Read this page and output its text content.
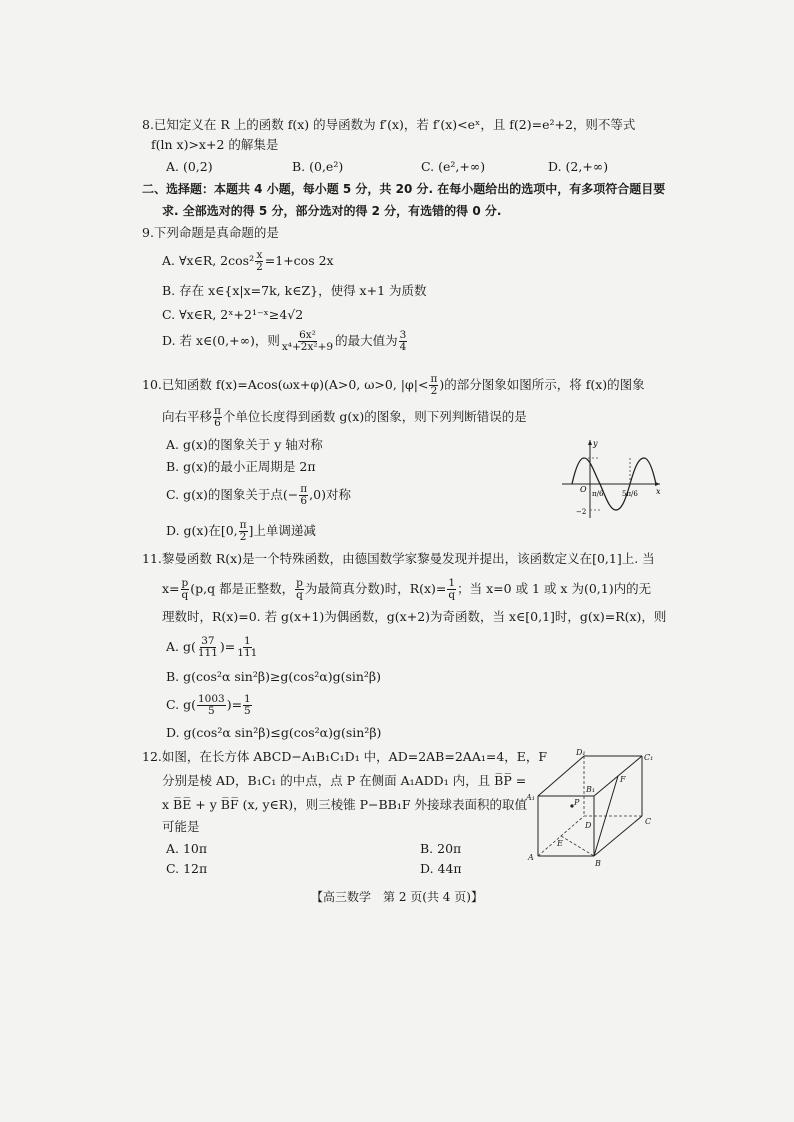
8.已知定义在 R 上的函数 f(x) 的导函数为 f′(x)，若 f′(x)<eˣ，且 f(2)=e²+2，则不等式
f(ln x)>x+2 的解集是
A. (0,2)	B. (0,e²)	C. (e²,+∞)	D. (2,+∞)
二、选择题：本题共 4 小题，每小题 5 分，共 20 分. 在每小题给出的选项中，有多项符合题目要
求. 全部选对的得 5 分，部分选对的得 2 分，有选错的得 0 分.
9.下列命题是真命题的是
A. ∀x∈R, $2\cos^2 \frac{x}{2} =1+\cos$ 2x
B. 存在 x∈{x|x=7k, k∈Z}，使得 x+1 为质数
C. ∀x∈R, 2ˣ+2¹⁻ˣ≥4√2
D. 若 x∈(0,+∞)，则 $\frac{\text{6x²}}{\text{x⁴+2x²+9}}$ 的最大值为 $\frac{3}{4}$
10.已知函数 f(x)=Acos(ωx+φ)(A>0, ω>0, $|\varphi|< \frac{\pi}{2}$ )的部分图象如图所示，将 f(x)的图象
向右平移 $\frac{\pi}{6}$ 个单位长度得到函数 g(x)的图象，则下列判断错误的是
A. g(x)的图象关于 y 轴对称
B. g(x)的最小正周期是 2π
C. g(x)的图象关于点(− $\frac{\pi}{6} ,0$)对称
D. g(x)在[0, $\frac{\pi}{2}$ ]上单调递减
y
x
O π/6	5π/6
−2
11.黎曼函数 R(x)是一个特殊函数，由德国数学家黎曼发现并提出，该函数定义在[0,1]上. 当
$x= \frac{p}{q} (p,q$ 都是正整数， $\frac{p}{q}$ 为最简真分数)时，$R(x)= \frac{1}{q}$ ；当 x=0 或 1 或 x 为(0,1)内的无
理数时，R(x)=0. 若 g(x+1)为偶函数，g(x+2)为奇函数，当 x∈[0,1]时，g(x)=R(x)，则
A. $g( \frac{37}{111}$ )= $\frac{1}{111}$
B. g(cos²α sin²β)≥g(cos²α)g(sin²β)
C. $g( \frac{1003}{5}$ )= $\frac{1}{5}$
D. g(cos²α sin²β)≤g(cos²α)g(sin²β)
12.如图，在长方体 ABCD−A₁B₁C₁D₁ 中，AD=2AB=2AA₁=4，E，F
分别是棱 AD，B₁C₁ 的中点，点 P 在侧面 A₁ADD₁ 内，且 B̅P̅ =
x B̅E̅ + y B̅F̅ (x, y∈R)，则三棱锥 P−BB₁F 外接球表面积的取值
可能是
A. 10π	B. 20π
C. 12π	D. 44π
D₁
C₁
A₁
B₁
F
P
D	C
A
E
B
【高三数学　第 2 页(共 4 页)】
